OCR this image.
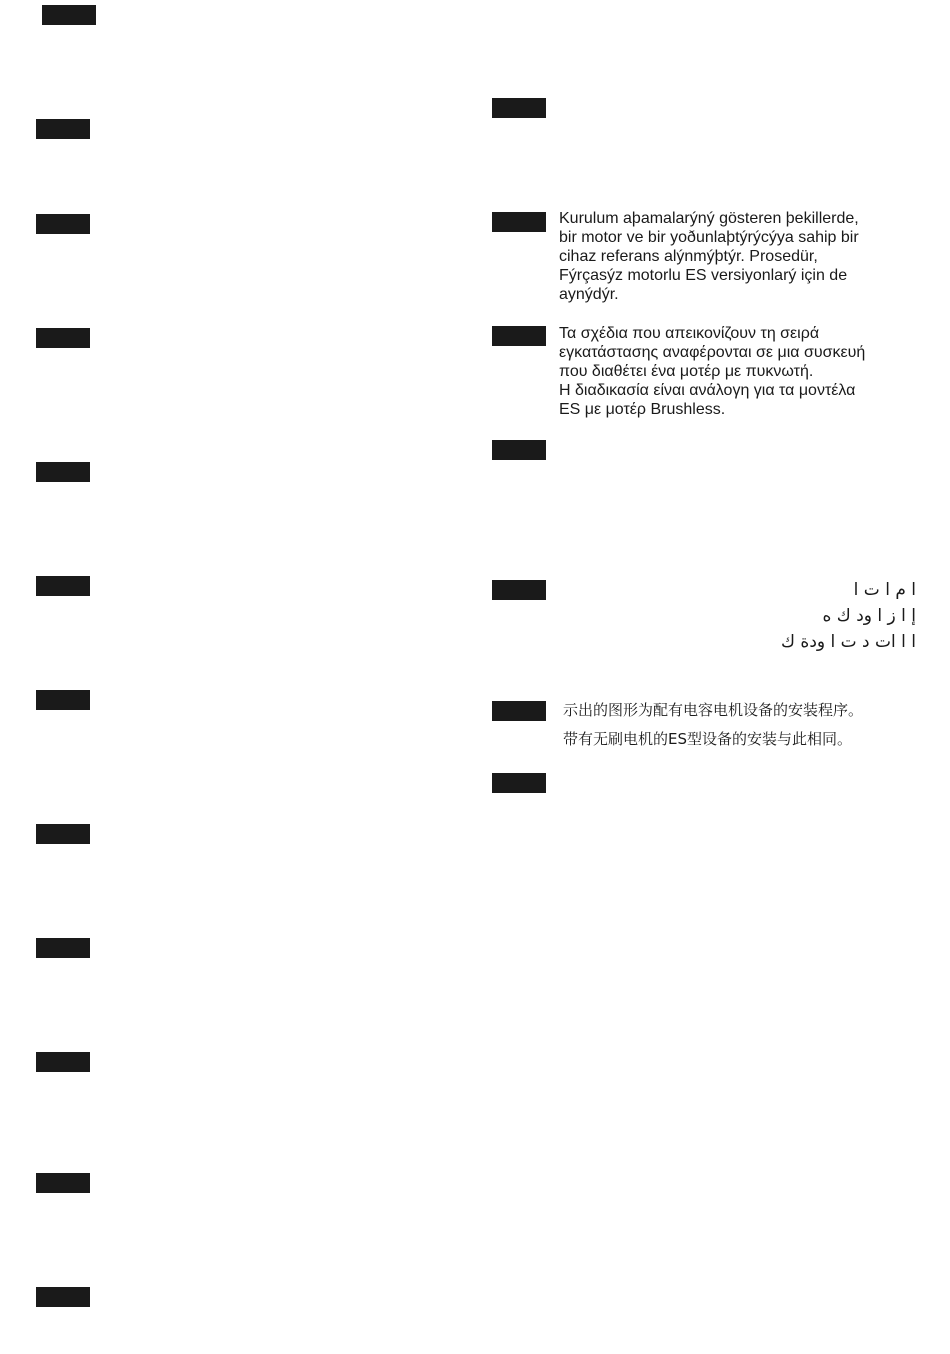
Kurulum aþamalarýný gösteren þekillerde,
bir motor ve bir yoðunlaþtýrýcýya sahip bir
cihaz referans alýnmýþtýr. Prosedür,
Fýrçasýz motorlu ES versiyonlarý için de
aynýdýr.
Τα σχέδια που απεικονίζουν τη σειρά
εγκατάστασης αναφέρονται σε μια συσκευή
που διαθέτει ένα μοτέρ με πυκνωτή.
Η διαδικασία είναι ανάλογη για τα μοντέλα
ES με μοτέρ Brushless.
ا م ا ت ا
إ ا ز ا ود ك ه
ا ا ات د ت ا ودة ك
示出的图形为配有电容电机设备的安装程序。
带有无刷电机的ES型设备的安装与此相同。
